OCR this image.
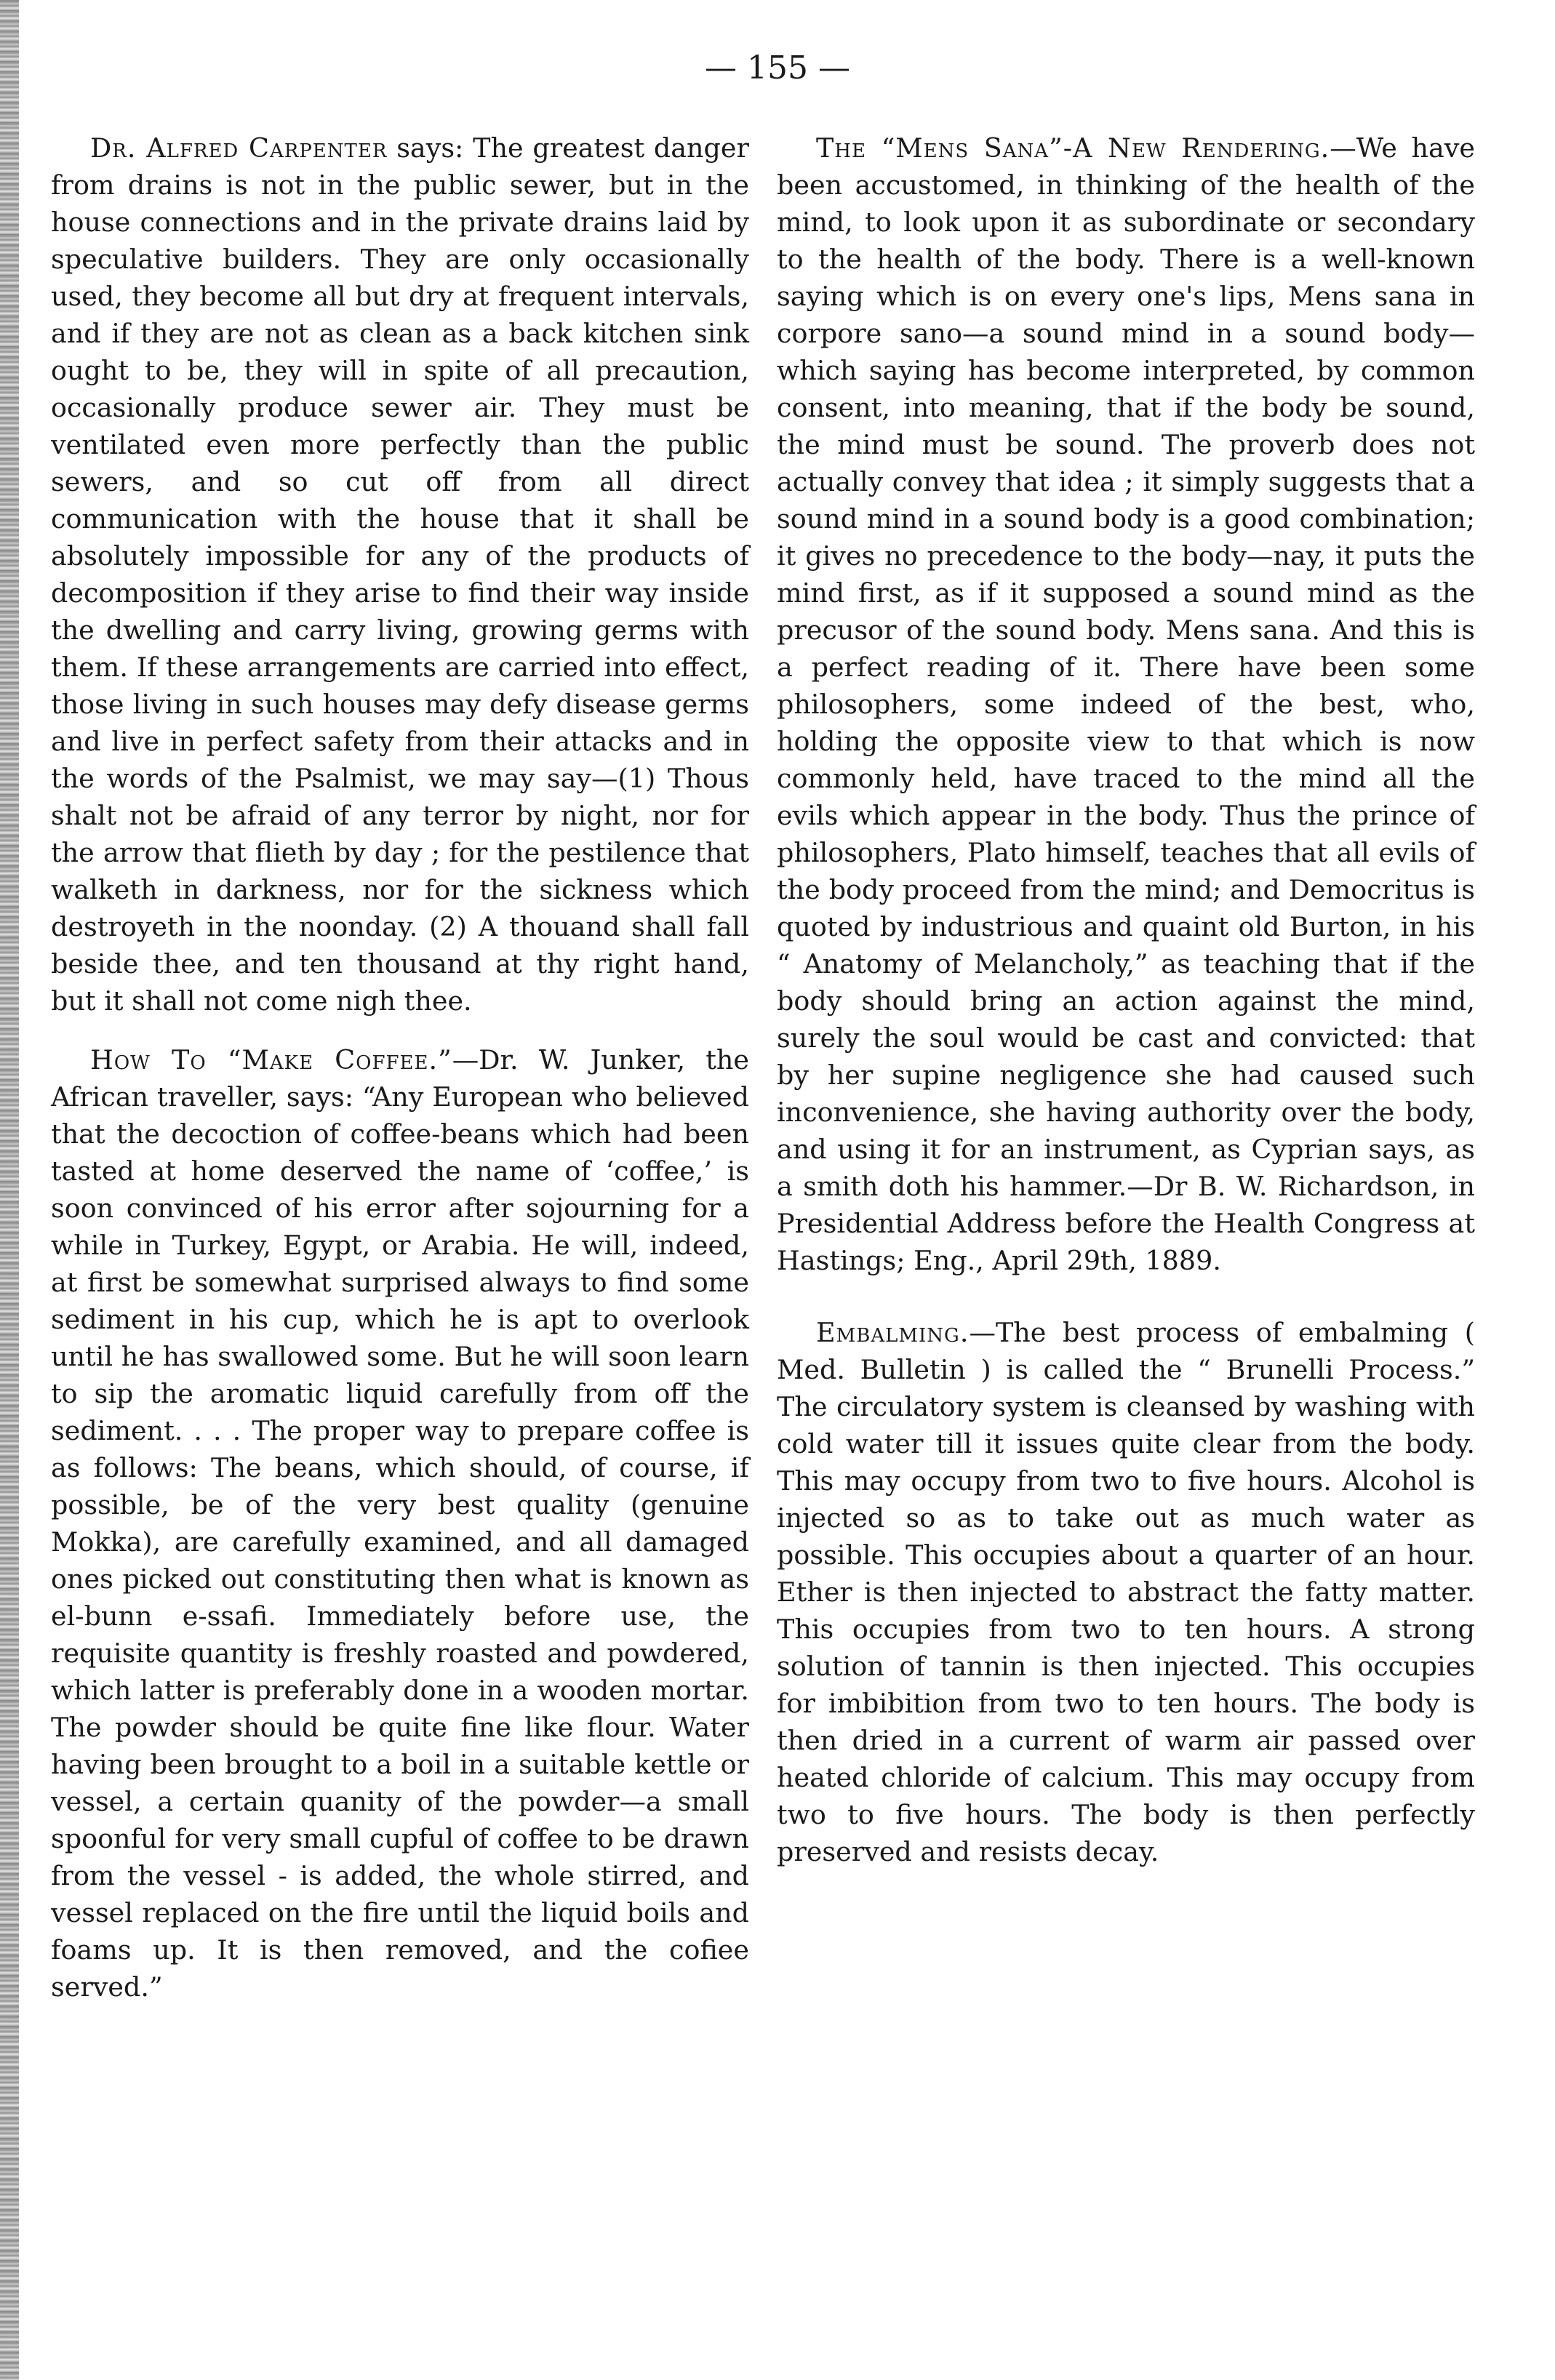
— 155 —

Dr. Alfred Carpenter says: The greatest danger from drains is not in the public sewer, but in the house connections and in the private drains laid by speculative builders. They are only occasionally used, they become all but dry at frequent intervals, and if they are not as clean as a back kitchen sink ought to be, they will in spite of all precaution, occasionally produce sewer air. They must be ventilated even more perfectly than the public sewers, and so cut off from all direct communication with the house that it shall be absolutely impossible for any of the products of decomposition if they arise to find their way inside the dwelling and carry living, growing germs with them. If these arrangements are carried into effect, those living in such houses may defy disease germs and live in perfect safety from their attacks and in the words of the Psalmist, we may say—(1) Thous shalt not be afraid of any terror by night, nor for the arrow that flieth by day ; for the pestilence that walketh in darkness, nor for the sickness which destroyeth in the noonday. (2) A thouand shall fall beside thee, and ten thousand at thy right hand, but it shall not come nigh thee.

How To “Make Coffee.”—Dr. W. Junker, the African traveller, says: “Any European who believed that the decoction of coffee-beans which had been tasted at home deserved the name of ‘coffee,’ is soon convinced of his error after sojourning for a while in Turkey, Egypt, or Arabia. He will, indeed, at first be somewhat surprised always to find some sediment in his cup, which he is apt to overlook until he has swallowed some. But he will soon learn to sip the aromatic liquid carefully from off the sediment. . . . The proper way to prepare coffee is as follows: The beans, which should, of course, if possible, be of the very best quality (genuine Mokka), are carefully examined, and all damaged ones picked out constituting then what is known as el-bunn e-ssafi. Immediately before use, the requisite quantity is freshly roasted and powdered, which latter is preferably done in a wooden mortar. The powder should be quite fine like flour. Water having been brought to a boil in a suitable kettle or vessel, a certain quanity of the powder—a small spoonful for very small cupful of coffee to be drawn from the vessel - is added, the whole stirred, and vessel replaced on the fire until the liquid boils and foams up. It is then removed, and the cofiee served.”

The “Mens Sana”-A New Rendering.—We have been accustomed, in thinking of the health of the mind, to look upon it as subordinate or secondary to the health of the body. There is a well-known saying which is on every one's lips, Mens sana in corpore sano—a sound mind in a sound body—which saying has become interpreted, by common consent, into meaning, that if the body be sound, the mind must be sound. The proverb does not actually convey that idea ; it simply suggests that a sound mind in a sound body is a good combination; it gives no precedence to the body—nay, it puts the mind first, as if it supposed a sound mind as the precusor of the sound body. Mens sana. And this is a perfect reading of it. There have been some philosophers, some indeed of the best, who, holding the opposite view to that which is now commonly held, have traced to the mind all the evils which appear in the body. Thus the prince of philosophers, Plato himself, teaches that all evils of the body proceed from the mind; and Democritus is quoted by industrious and quaint old Burton, in his “ Anatomy of Melancholy,” as teaching that if the body should bring an action against the mind, surely the soul would be cast and convicted: that by her supine negligence she had caused such inconvenience, she having authority over the body, and using it for an instrument, as Cyprian says, as a smith doth his hammer.—Dr B. W. Richardson, in Presidential Address before the Health Congress at Hastings; Eng., April 29th, 1889.

Embalming.—The best process of embalming ( Med. Bulletin ) is called the “ Brunelli Process.” The circulatory system is cleansed by washing with cold water till it issues quite clear from the body. This may occupy from two to five hours. Alcohol is injected so as to take out as much water as possible. This occupies about a quarter of an hour. Ether is then injected to abstract the fatty matter. This occupies from two to ten hours. A strong solution of tannin is then injected. This occupies for imbibition from two to ten hours. The body is then dried in a current of warm air passed over heated chloride of calcium. This may occupy from two to five hours. The body is then perfectly preserved and resists decay.
